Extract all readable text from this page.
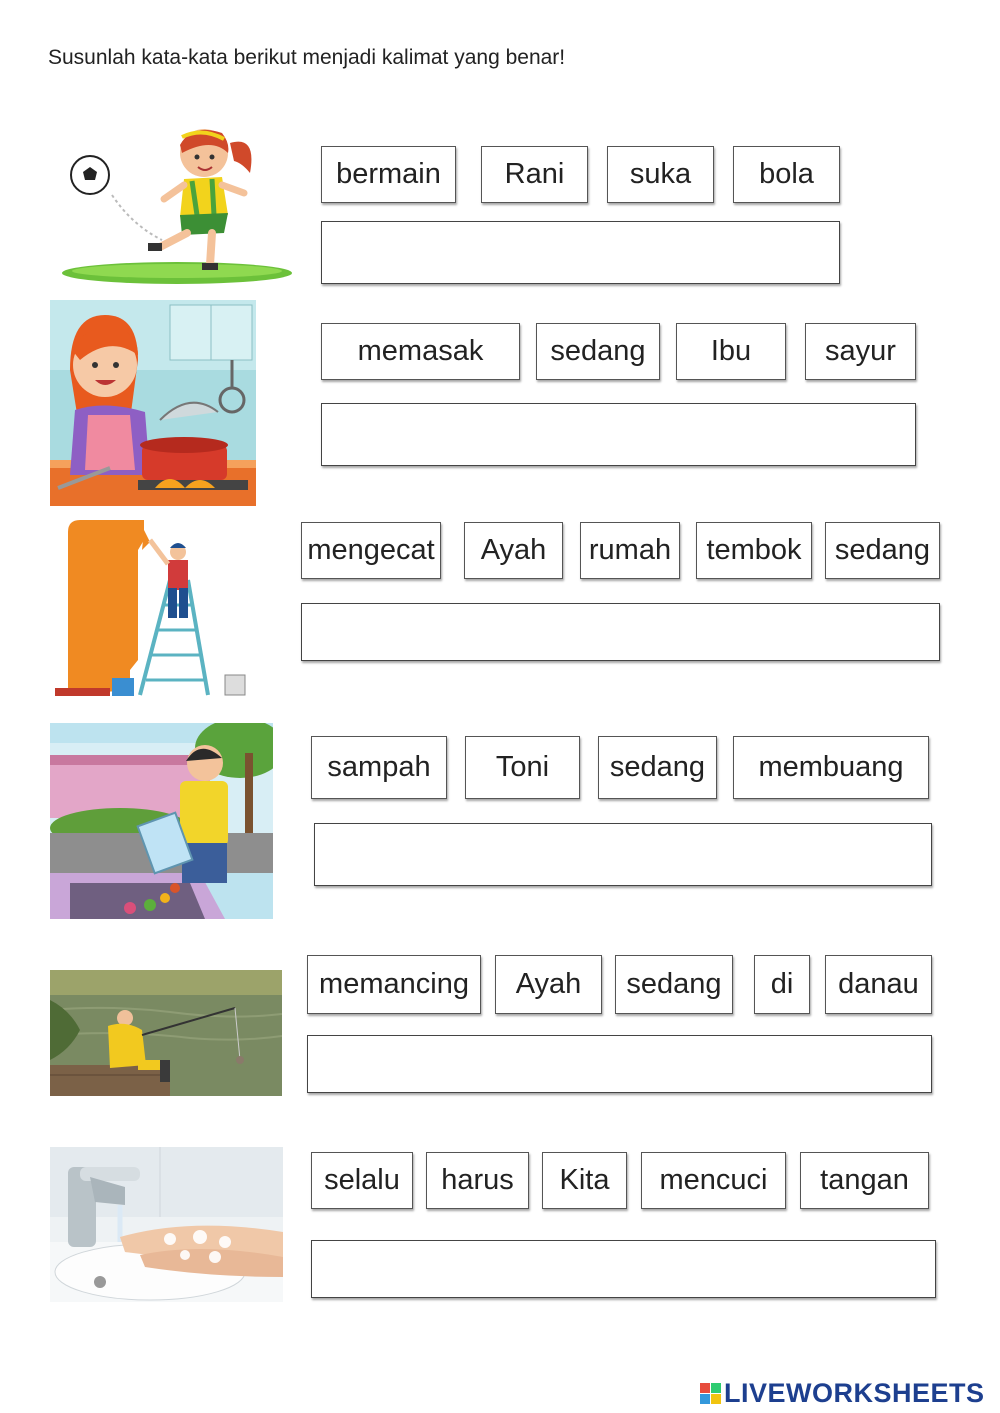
Susunlah kata-kata berikut menjadi kalimat yang benar!
bermain	Rani	suka	bola
memasak	sedang	Ibu	sayur
mengecat	Ayah	rumah	tembok	sedang
sampah	Toni	sedang	membuang
memancing	Ayah	sedang	di	danau
selalu	harus	Kita	mencuci	tangan
LIVEWORKSHEETS
